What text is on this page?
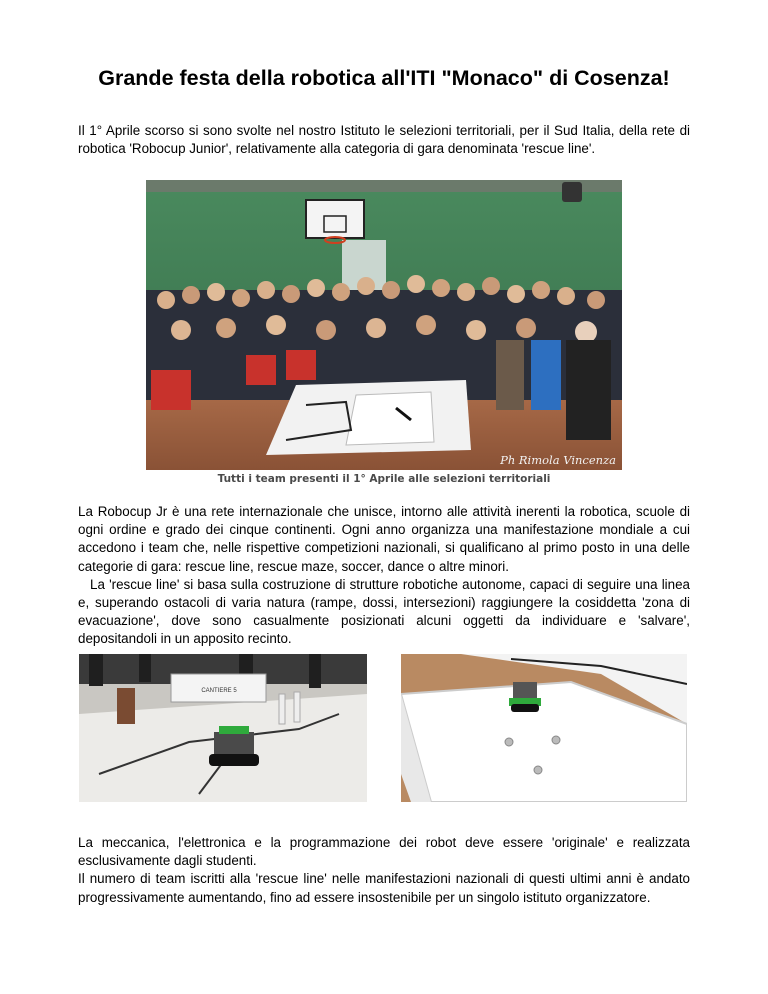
Grande festa della robotica all'ITI "Monaco" di Cosenza!

Il 1° Aprile scorso si sono svolte nel nostro Istituto le selezioni territoriali, per il Sud Italia, della rete di robotica 'Robocup Junior', relativamente alla categoria di gara denominata 'rescue line'.

Ph Rimola Vincenza
Tutti i team presenti il 1° Aprile alle selezioni territoriali

La Robocup Jr è una rete internazionale che unisce, intorno alle attività inerenti la robotica, scuole di ogni ordine e grado dei cinque continenti. Ogni anno organizza una manifestazione mondiale a cui accedono i team che, nelle rispettive competizioni nazionali, si qualificano al primo posto in una delle categorie di gara: rescue line, rescue maze, soccer, dance o altre minori.

La 'rescue line' si basa sulla costruzione di strutture robotiche autonome, capaci di seguire una linea e, superando ostacoli di varia natura (rampe, dossi, intersezioni) raggiungere la cosiddetta 'zona di evacuazione', dove sono casualmente posizionati alcuni oggetti da individuare e 'salvare', depositandoli in un apposito recinto.

CANTIERE 5

La meccanica, l'elettronica e la programmazione dei robot deve essere 'originale' e realizzata esclusivamente dagli studenti.

Il numero di team iscritti alla 'rescue line' nelle manifestazioni nazionali di questi ultimi anni è andato progressivamente aumentando, fino ad essere insostenibile per un singolo istituto organizzatore.
